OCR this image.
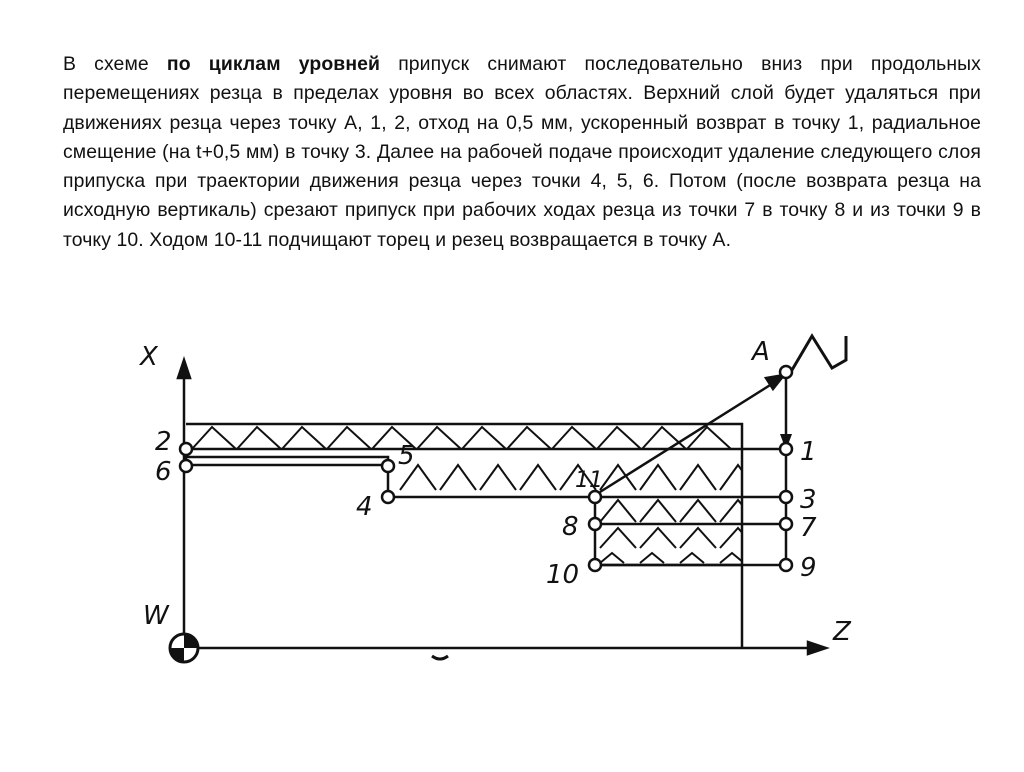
В схеме по циклам уровней припуск снимают последовательно вниз при продольных перемещениях резца в пределах уровня во всех областях. Верхний слой будет удаляться при движениях резца через точку А, 1, 2, отход на 0,5 мм, ускоренный возврат в точку 1, радиальное смещение (на t+0,5 мм) в точку 3. Далее на рабочей подаче происходит удаление следующего слоя припуска при траектории движения резца через точки 4, 5, 6. Потом (после возврата резца на исходную вертикаль) срезают припуск при рабочих ходах резца из точки 7 в точку 8 и из точки 9 в точку 10. Ходом 10-11 подчищают торец и резец возвращается в точку А.
X
Z
W
A
1
2
3
4
5
6
7
8
9
10
11
